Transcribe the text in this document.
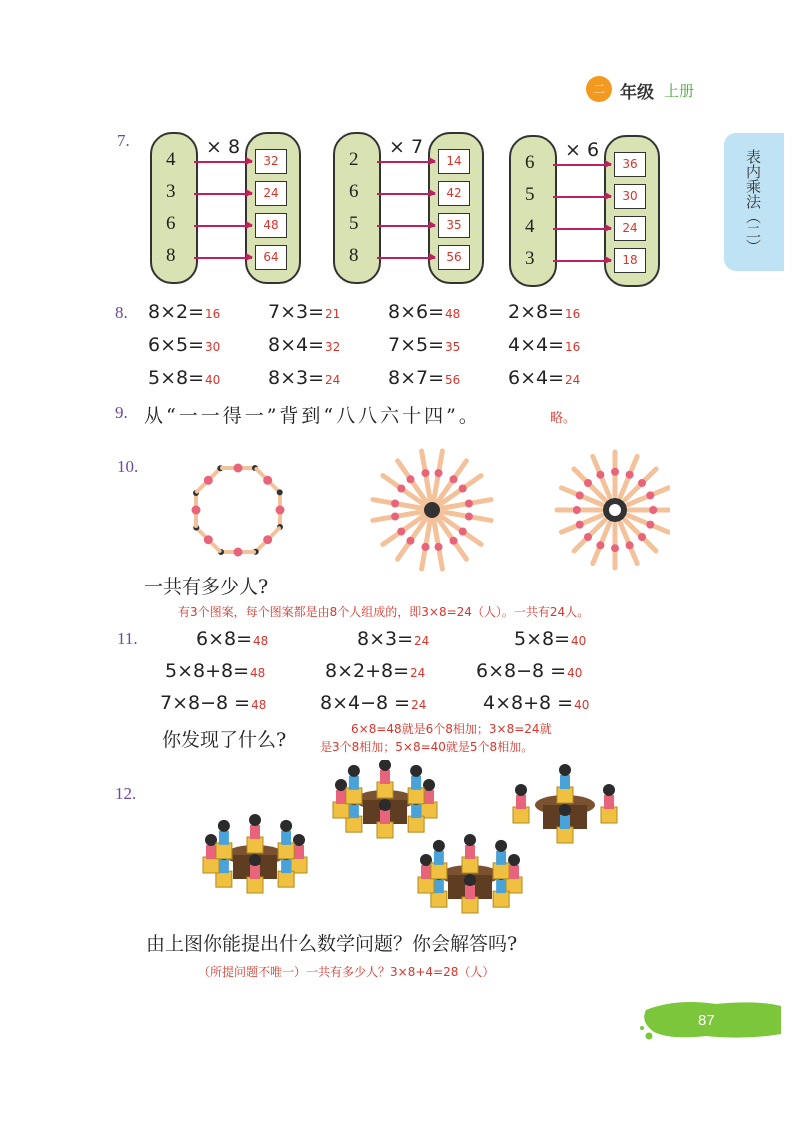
二 年级 上册
表内乘法（二）
7.	× 8
4	32
3	24
6	48
8	64
× 7
2	14
6	42
5	35
8	56
× 6
6	36
5	30
4	24
3	18
8. 8×2=16	7×3=21	8×6=48	2×8=16
6×5=30	8×4=32	7×5=35	4×4=16
5×8=40	8×3=24	8×7=56	6×4=24
9. 从“一一得一”背到“八八六十四”。	略。
10.
一共有多少人?
有3个图案，每个图案都是由8个人组成的，即3×8=24（人）。一共有24人。
11.	6×8=48	8×3=24	5×8=40
5×8+8=48	8×2+8=24	6×8−8 =40
7×8−8 =48	8×4−8 =24	4×8+8 =40
你发现了什么?	6×8=48就是6个8相加；3×8=24就
是3个8相加；5×8=40就是5个8相加。
12.
由上图你能提出什么数学问题？你会解答吗?
（所提问题不唯一）一共有多少人？3×8+4=28（人）
87
